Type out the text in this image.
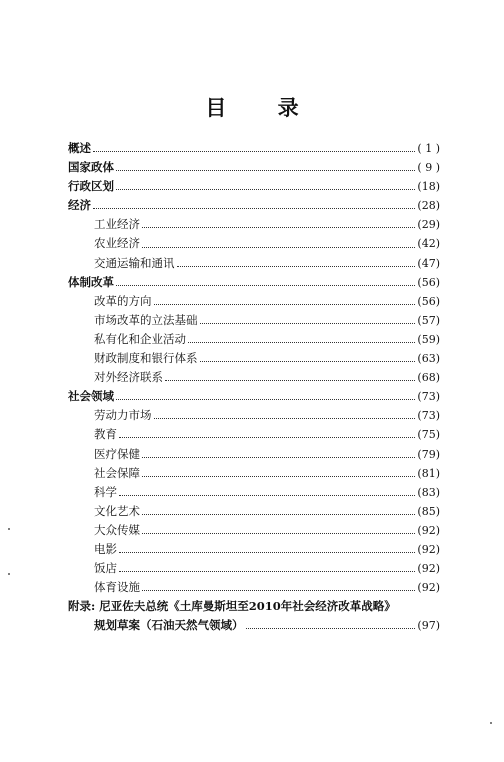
目 录
概述	( 1 )
国家政体	( 9 )
行政区划	(18)
经济	(28)
工业经济	(29)
农业经济	(42)
交通运输和通讯	(47)
体制改革	(56)
改革的方向	(56)
市场改革的立法基础	(57)
私有化和企业活动	(59)
财政制度和银行体系	(63)
对外经济联系	(68)
社会领域	(73)
劳动力市场	(73)
教育	(75)
医疗保健	(79)
社会保障	(81)
科学	(83)
文化艺术	(85)
大众传媒	(92)
电影	(92)
饭店	(92)
体育设施	(92)
附录: 尼亚佐夫总统《土库曼斯坦至2010年社会经济改革战略》
规划草案（石油天然气领域）	(97)
